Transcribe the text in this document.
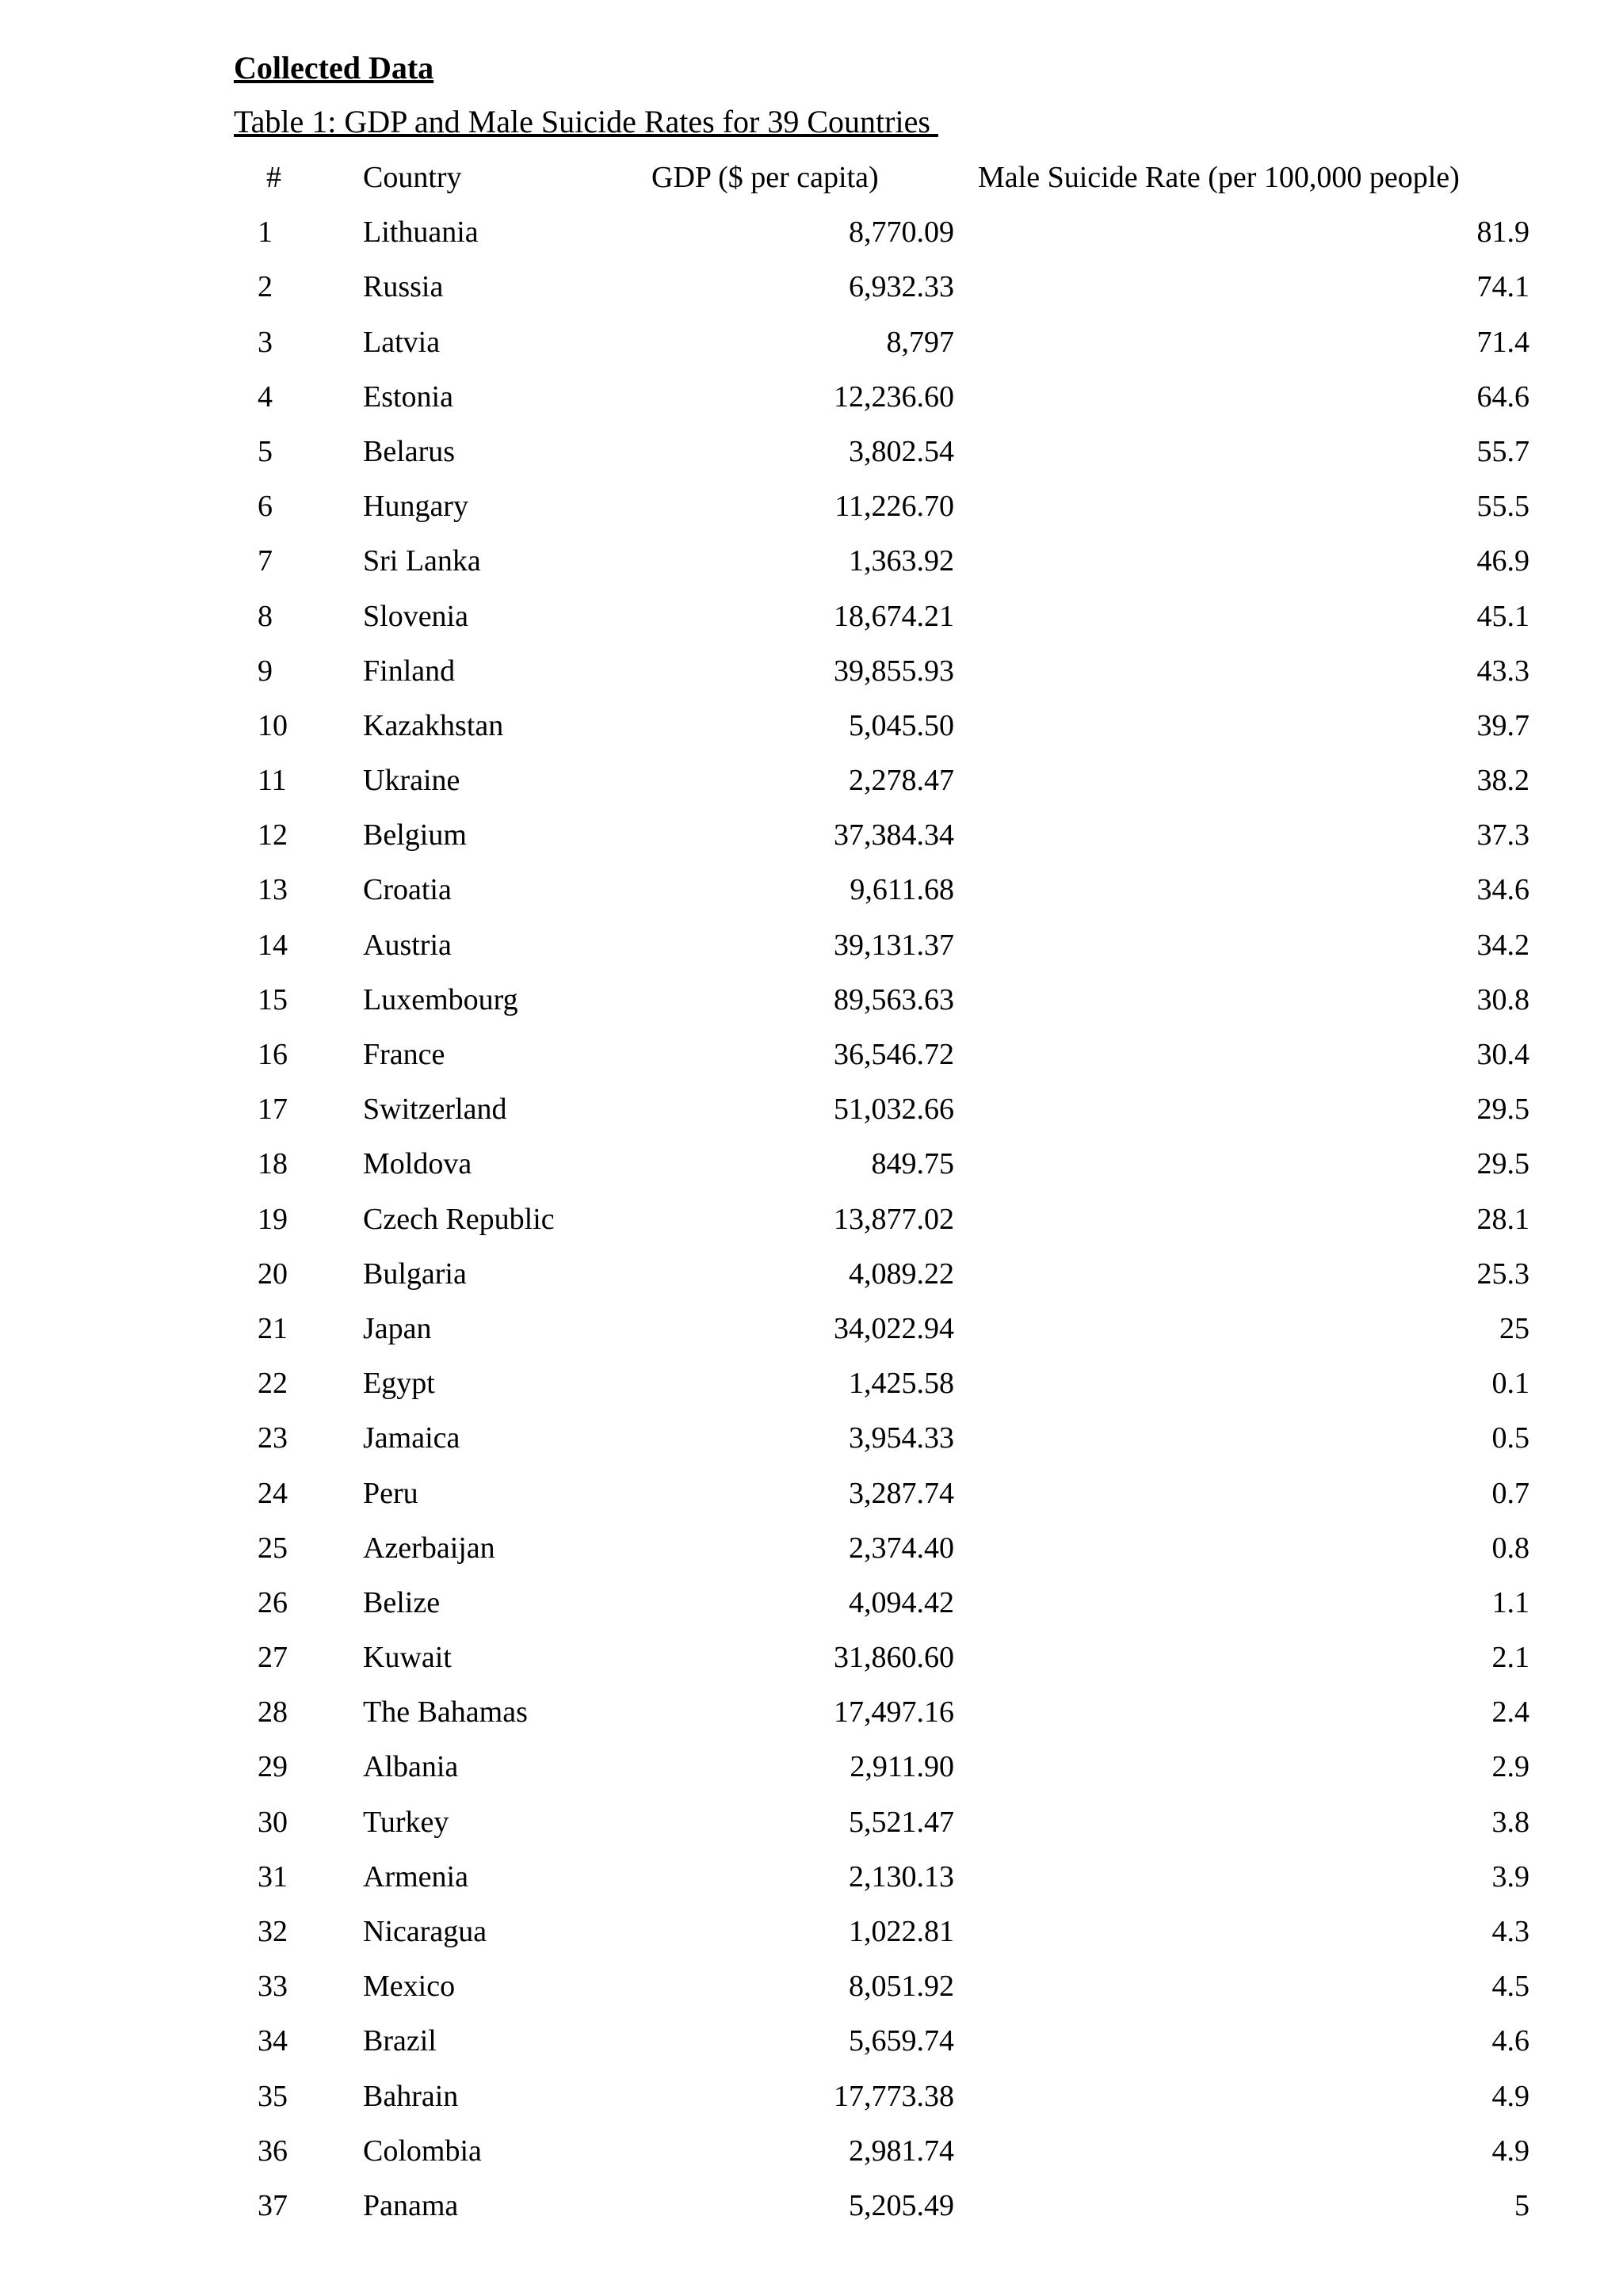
Collected Data
Table 1: GDP and Male Suicide Rates for 39 Countries
#	Country	GDP ($ per capita)	Male Suicide Rate (per 100,000 people)
1	Lithuania	8,770.09	81.9
2	Russia	6,932.33	74.1
3	Latvia	8,797	71.4
4	Estonia	12,236.60	64.6
5	Belarus	3,802.54	55.7
6	Hungary	11,226.70	55.5
7	Sri Lanka	1,363.92	46.9
8	Slovenia	18,674.21	45.1
9	Finland	39,855.93	43.3
10	Kazakhstan	5,045.50	39.7
11	Ukraine	2,278.47	38.2
12	Belgium	37,384.34	37.3
13	Croatia	9,611.68	34.6
14	Austria	39,131.37	34.2
15	Luxembourg	89,563.63	30.8
16	France	36,546.72	30.4
17	Switzerland	51,032.66	29.5
18	Moldova	849.75	29.5
19	Czech Republic	13,877.02	28.1
20	Bulgaria	4,089.22	25.3
21	Japan	34,022.94	25
22	Egypt	1,425.58	0.1
23	Jamaica	3,954.33	0.5
24	Peru	3,287.74	0.7
25	Azerbaijan	2,374.40	0.8
26	Belize	4,094.42	1.1
27	Kuwait	31,860.60	2.1
28	The Bahamas	17,497.16	2.4
29	Albania	2,911.90	2.9
30	Turkey	5,521.47	3.8
31	Armenia	2,130.13	3.9
32	Nicaragua	1,022.81	4.3
33	Mexico	8,051.92	4.5
34	Brazil	5,659.74	4.6
35	Bahrain	17,773.38	4.9
36	Colombia	2,981.74	4.9
37	Panama	5,205.49	5
